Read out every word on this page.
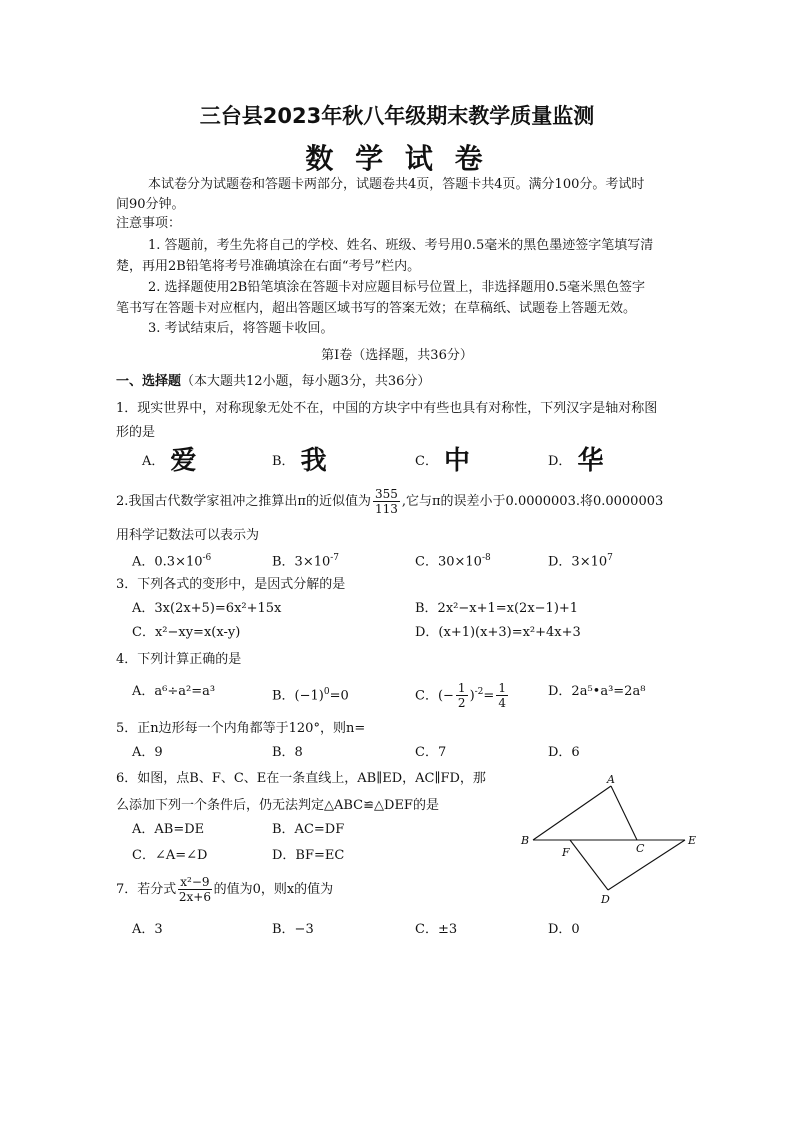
三台县2023年秋八年级期末教学质量监测
数 学 试 卷
本试卷分为试题卷和答题卡两部分，试题卷共4页，答题卡共4页。满分100分。考试时
间90分钟。
注意事项：
1. 答题前，考生先将自己的学校、姓名、班级、考号用0.5毫米的黑色墨迹签字笔填写清
楚，再用2B铅笔将考号准确填涂在右面“考号”栏内。
2. 选择题使用2B铅笔填涂在答题卡对应题目标号位置上，非选择题用0.5毫米黑色签字
笔书写在答题卡对应框内，超出答题区域书写的答案无效；在草稿纸、试题卷上答题无效。
3. 考试结束后，将答题卡收回。
第Ⅰ卷（选择题，共36分）
一、选择题（本大题共12小题，每小题3分，共36分）
1．现实世界中，对称现象无处不在，中国的方块字中有些也具有对称性，下列汉字是轴对称图
形的是
A． 爱	B． 我	C． 中	D． 华
2.我国古代数学家祖冲之推算出π的近似值为 $\frac{355}{113}$ ,它与π的误差小于0.0000003.将0.0000003
用科学记数法可以表示为
A．$0.3\times 10^{-6}$	B．$3\times 10^{-7}$	C．$30\times 10^{-8}$	D．$3\times 10^7$
3．下列各式的变形中，是因式分解的是
A．3x(2x+5)=6x²+15x	B．2x²−x+1=x(2x−1)+1
C．x²−xy=x(x-y)	D．(x+1)(x+3)=x²+4x+3
4．下列计算正确的是
A．a⁶÷a²=a³	B．$(-1)^0=0$	C．(− $\frac{1}{2} )^{-2}= \frac{1}{4}$	D．2a⁵•a³=2a⁸
5．正n边形每一个内角都等于120°，则n=
A．9	B．8	C．7	D．6
6．如图，点B、F、C、E在一条直线上，AB∥ED，AC∥FD，那
么添加下列一个条件后，仍无法判定△ABC≌△DEF的是
A．AB=DE	B．AC=DF
C．∠A=∠D	D．BF=EC
A
B
F	C
E
D
7．若分式 $\frac{\text{x²−9}}{2x+6}$ 的值为0，则x的值为
A．3	B．−3	C．±3	D．0
